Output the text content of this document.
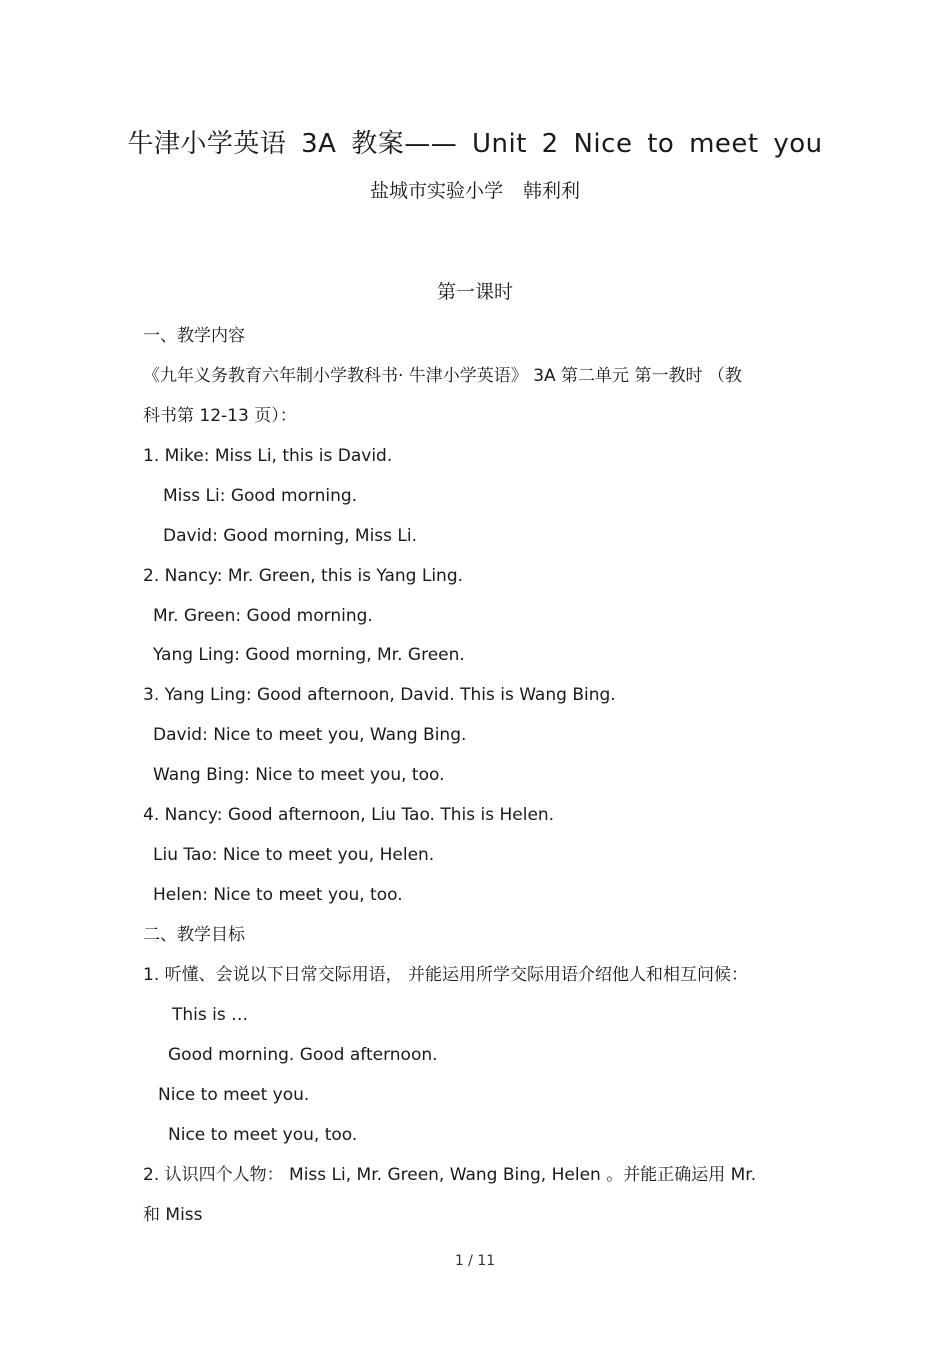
牛津小学英语 3A 教案—— Unit 2 Nice to meet you
盐城市实验小学 韩利利
第一课时
一、教学内容
《九年义务教育六年制小学教科书· 牛津小学英语》 3A 第二单元 第一教时 （教
科书第 12-13 页）：
1. Mike: Miss Li, this is David.
Miss Li: Good morning.
David: Good morning, Miss Li.
2. Nancy: Mr. Green, this is Yang Ling.
Mr. Green: Good morning.
Yang Ling: Good morning, Mr. Green.
3. Yang Ling: Good afternoon, David. This is Wang Bing.
David: Nice to meet you, Wang Bing.
Wang Bing: Nice to meet you, too.
4. Nancy: Good afternoon, Liu Tao. This is Helen.
Liu Tao: Nice to meet you, Helen.
Helen: Nice to meet you, too.
二、教学目标
1. 听懂、会说以下日常交际用语， 并能运用所学交际用语介绍他人和相互问候：
This is …
Good morning. Good afternoon.
Nice to meet you.
Nice to meet you, too.
2. 认识四个人物： Miss Li, Mr. Green, Wang Bing, Helen 。并能正确运用 Mr.
和 Miss
1 / 11
